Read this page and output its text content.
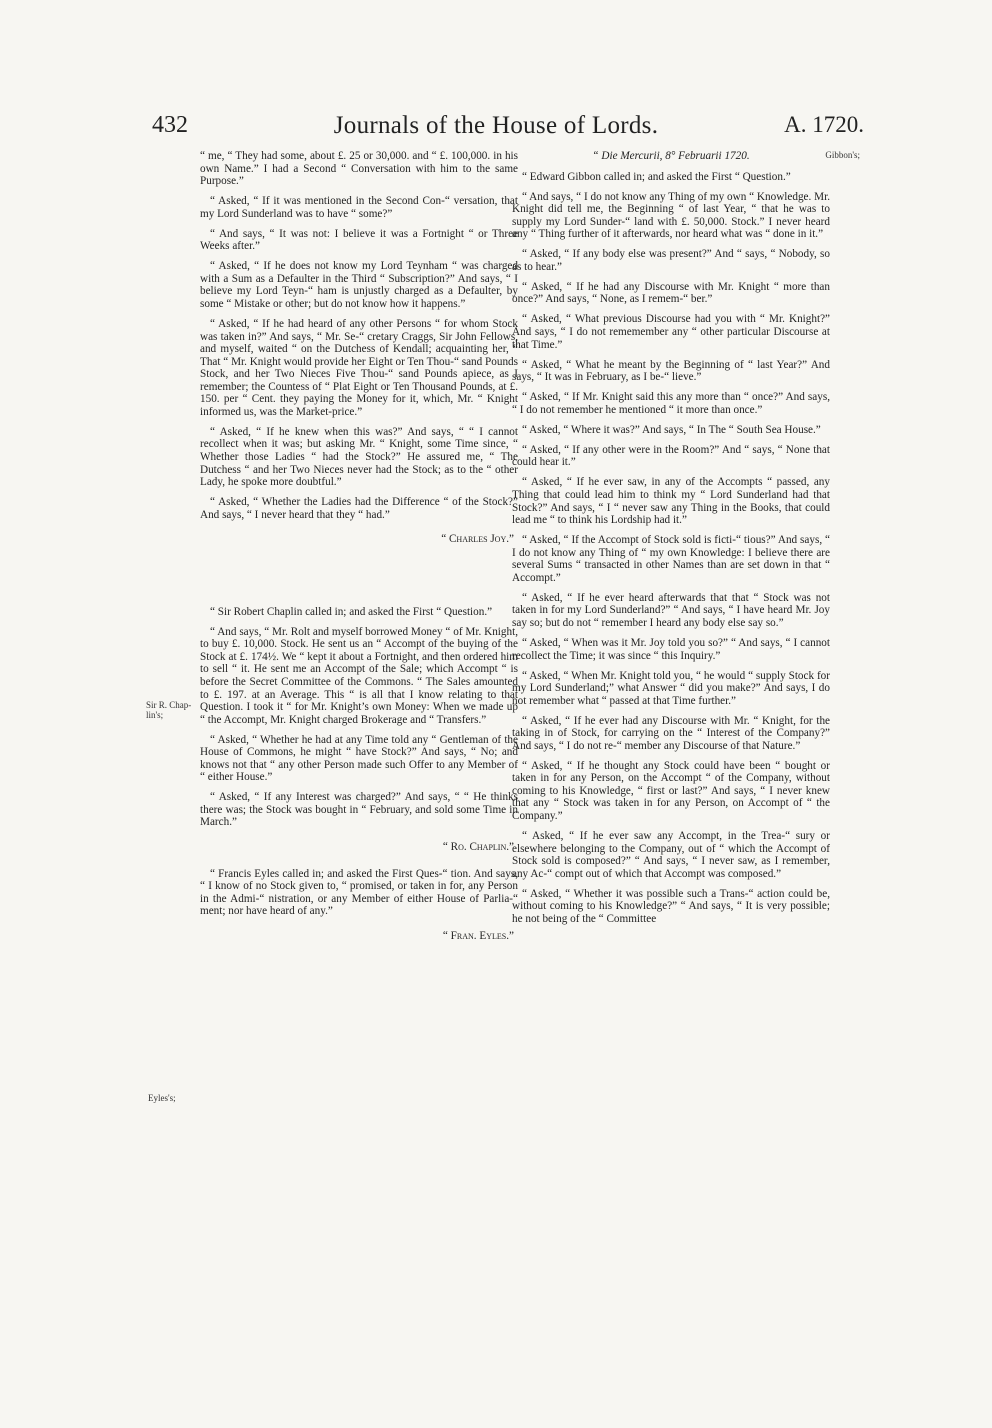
432	Journals of the House of Lords.	A. 1720.
Gibbon's;
Sir R. Chap-lin's;
Eyles's;

“ me, “ They had some, about £. 25 or 30,000. and “ £. 100,000. in his own Name.” I had a Second “ Conversation with him to the same Purpose.”

“ Asked, “ If it was mentioned in the Second Con-“ versation, that my Lord Sunderland was to have “ some?”

“ And says, “ It was not: I believe it was a Fortnight “ or Three Weeks after.”

“ Asked, “ If he does not know my Lord Teynham “ was charged with a Sum as a Defaulter in the Third “ Subscription?” And says, “ I believe my Lord Teyn-“ ham is unjustly charged as a Defaulter, by some “ Mistake or other; but do not know how it happens.”

“ Asked, “ If he had heard of any other Persons “ for whom Stock was taken in?” And says, “ Mr. Se-“ cretary Craggs, Sir John Fellows, and myself, waited “ on the Dutchess of Kendall; acquainting her, “ That “ Mr. Knight would provide her Eight or Ten Thou-“ sand Pounds Stock, and her Two Nieces Five Thou-“ sand Pounds apiece, as I remember; the Countess of “ Plat Eight or Ten Thousand Pounds, at £. 150. per “ Cent. they paying the Money for it, which, Mr. “ Knight informed us, was the Market-price.”

“ Asked, “ If he knew when this was?” And says, “ “ I cannot recollect when it was; but asking Mr. “ Knight, some Time since, “ Whether those Ladies “ had the Stock?” He assured me, “ The Dutchess “ and her Two Nieces never had the Stock; as to the “ other Lady, he spoke more doubtful.”

“ Asked, “ Whether the Ladies had the Difference “ of the Stock?” And says, “ I never heard that they “ had.”

“ Charles Joy.”

“ Sir Robert Chaplin called in; and asked the First “ Question.”

“ And says, “ Mr. Rolt and myself borrowed Money “ of Mr. Knight, to buy £. 10,000. Stock. He sent us an “ Accompt of the buying of the Stock at £. 174½. We “ kept it about a Fortnight, and then ordered him to sell “ it. He sent me an Accompt of the Sale; which Accompt “ is before the Secret Committee of the Commons. “ The Sales amounted to £. 197. at an Average. This “ is all that I know relating to that Question. I took it “ for Mr. Knight’s own Money: When we made up “ the Accompt, Mr. Knight charged Brokerage and “ Transfers.”

“ Asked, “ Whether he had at any Time told any “ Gentleman of the House of Commons, he might “ have Stock?” And says, “ No; and knows not that “ any other Person made such Offer to any Member of “ either House.”

“ Asked, “ If any Interest was charged?” And says, “ “ He thinks there was; the Stock was bought in “ February, and sold some Time in March.”

“ Ro. Chaplin.”

“ Francis Eyles called in; and asked the First Ques-“ tion. And says, “ I know of no Stock given to, “ promised, or taken in for, any Person in the Admi-“ nistration, or any Member of either House of Parlia-“ ment; nor have heard of any.”

“ Fran. Eyles.”

“ Die Mercurii, 8° Februarii 1720.

“ Edward Gibbon called in; and asked the First “ Question.”

“ And says, “ I do not know any Thing of my own “ Knowledge. Mr. Knight did tell me, the Beginning “ of last Year, “ that he was to supply my Lord Sunder-“ land with £. 50,000. Stock.” I never heard any “ Thing further of it afterwards, nor heard what was “ done in it.”

“ Asked, “ If any body else was present?” And “ says, “ Nobody, so as to hear.”

“ Asked, “ If he had any Discourse with Mr. Knight “ more than once?” And says, “ None, as I remem-“ ber.”

“ Asked, “ What previous Discourse had you with “ Mr. Knight?” And says, “ I do not rememember any “ other particular Discourse at that Time.”

“ Asked, “ What he meant by the Beginning of “ last Year?” And says, “ It was in February, as I be-“ lieve.”

“ Asked, “ If Mr. Knight said this any more than “ once?” And says, “ I do not remember he mentioned “ it more than once.”

“ Asked, “ Where it was?” And says, “ In The “ South Sea House.”

“ Asked, “ If any other were in the Room?” And “ says, “ None that could hear it.”

“ Asked, “ If he ever saw, in any of the Accompts “ passed, any Thing that could lead him to think my “ Lord Sunderland had that Stock?” And says, “ I “ never saw any Thing in the Books, that could lead me “ to think his Lordship had it.”

“ Asked, “ If the Accompt of Stock sold is ficti-“ tious?” And says, “ I do not know any Thing of “ my own Knowledge: I believe there are several Sums “ transacted in other Names than are set down in that “ Accompt.”

“ Asked, “ If he ever heard afterwards that that “ Stock was not taken in for my Lord Sunderland?” “ And says, “ I have heard Mr. Joy say so; but do not “ remember I heard any body else say so.”

“ Asked, “ When was it Mr. Joy told you so?” “ And says, “ I cannot recollect the Time; it was since “ this Inquiry.”

“ Asked, “ When Mr. Knight told you, “ he would “ supply Stock for my Lord Sunderland;” what Answer “ did you make?” And says, I do not remember what “ passed at that Time further.”

“ Asked, “ If he ever had any Discourse with Mr. “ Knight, for the taking in of Stock, for carrying on the “ Interest of the Company?” And says, “ I do not re-“ member any Discourse of that Nature.”

“ Asked, “ If he thought any Stock could have been “ bought or taken in for any Person, on the Accompt “ of the Company, without coming to his Knowledge, “ first or last?” And says, “ I never knew that any “ Stock was taken in for any Person, on Accompt of “ the Company.”

“ Asked, “ If he ever saw any Accompt, in the Trea-“ sury or elsewhere belonging to the Company, out of “ which the Accompt of Stock sold is composed?” “ And says, “ I never saw, as I remember, any Ac-“ compt out of which that Accompt was composed.”

“ Asked, “ Whether it was possible such a Trans-“ action could be, without coming to his Knowledge?” “ And says, “ It is very possible; he not being of the “ Committee
